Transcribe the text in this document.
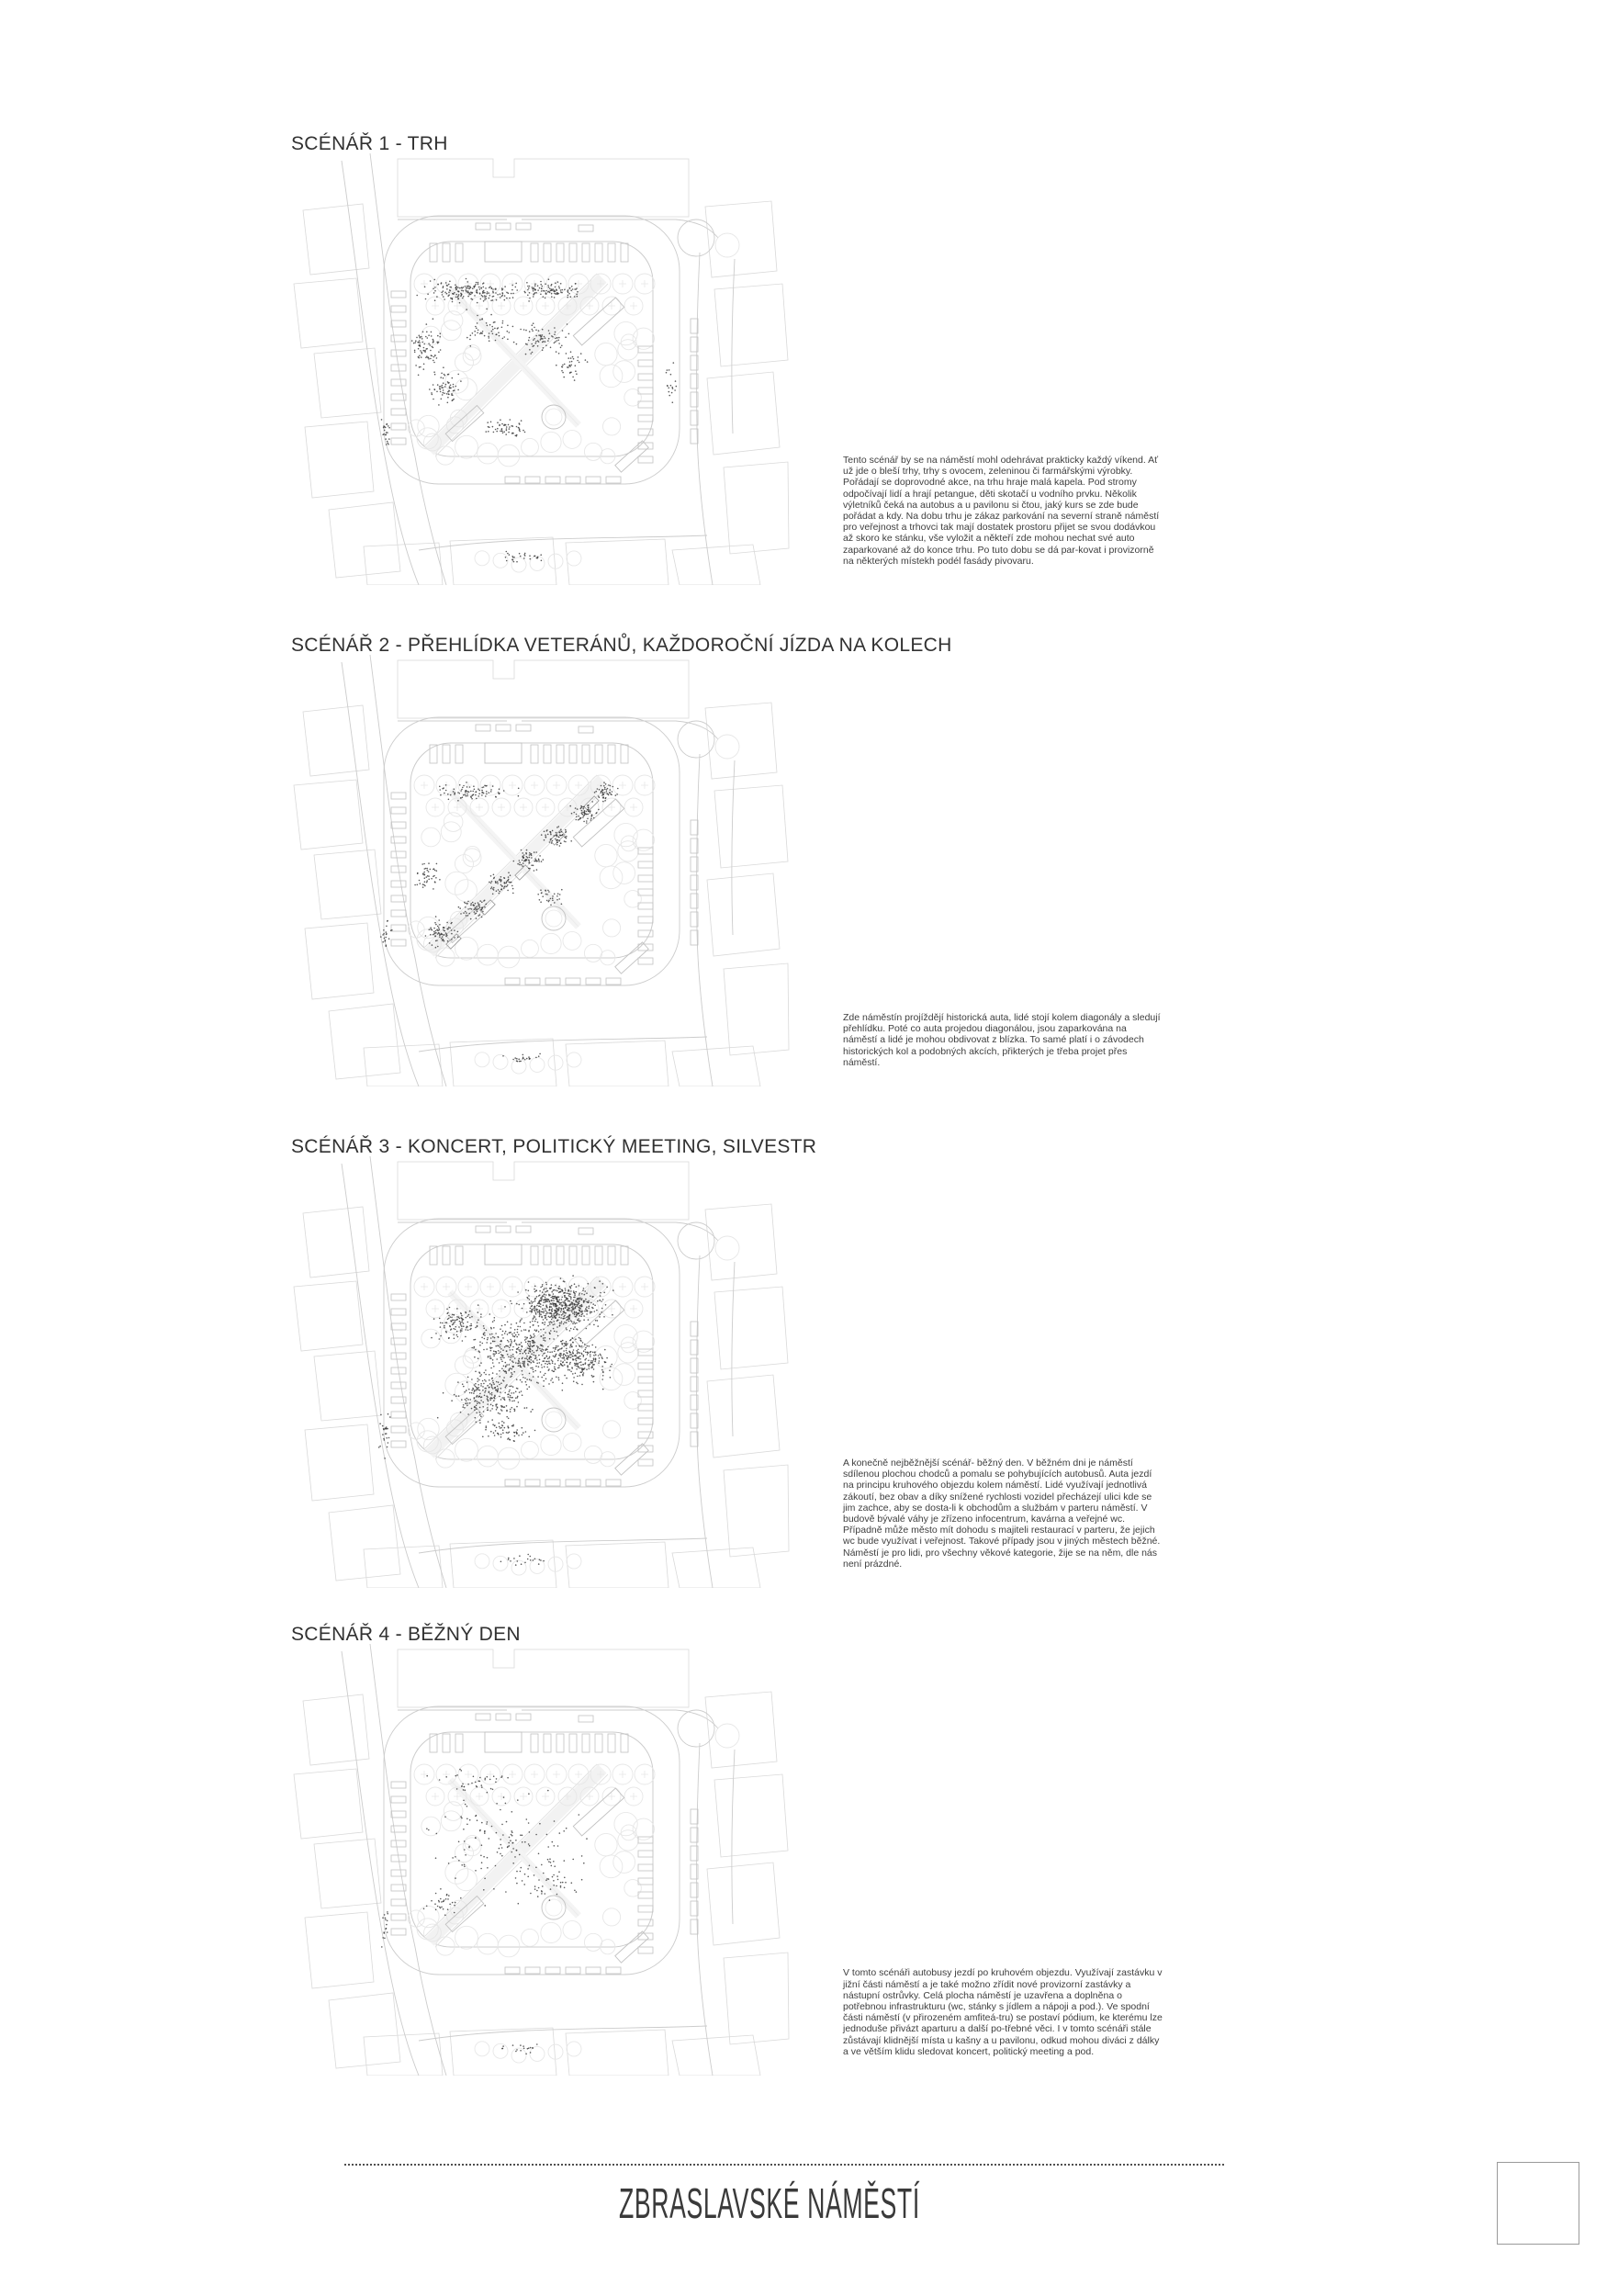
SCÉNÁŘ 1 - TRH

Tento scénář by se na náměstí mohl odehrávat prakticky každý víkend. Ať už jde o bleší trhy, trhy s ovocem, zeleninou či farmářskými výrobky. Pořádají se doprovodné akce, na trhu hraje malá kapela. Pod stromy odpočívají lidí a hrají petangue, děti skotačí u vodního prvku. Několik výletníků čeká na autobus a u pavilonu si čtou, jaký kurs se zde bude pořádat a kdy. Na dobu trhu je zákaz parkování na severní straně náměstí pro veřejnost a trhovci tak mají dostatek prostoru přijet se svou dodávkou až skoro ke stánku, vše vyložit a někteří zde mohou nechat své auto zaparkované až do konce trhu. Po tuto dobu se dá par-kovat i provizorně na některých místekh podél fasády pivovaru.

SCÉNÁŘ 2 - PŘEHLÍDKA VETERÁNŮ, KAŽDOROČNÍ JÍZDA NA KOLECH

Zde náměstín projíždějí historická auta, lidé stojí kolem diagonály a sledují přehlídku. Poté co auta projedou diagonálou, jsou zaparkována na náměstí a lidé je mohou obdivovat z blízka. To samé platí i o závodech historických kol a podobných akcích, přikterých je třeba projet přes náměstí.

SCÉNÁŘ 3 - KONCERT, POLITICKÝ MEETING, SILVESTR

A konečně nejběžnější scénář- běžný den. V běžném dni je náměstí sdílenou plochou chodců a pomalu se pohybujících autobusů. Auta jezdí na principu kruhového objezdu kolem náměstí. Lidé využívají jednotlivá zákoutí, bez obav a díky snížené rychlosti vozidel přecházejí ulici kde se jim zachce, aby se dosta-li k obchodům a službám v parteru náměstí. V budově bývalé váhy je zřízeno infocentrum, kavárna a veřejné wc. Případně může město mít dohodu s majiteli restaurací v parteru, že jejich wc bude využívat i veřejnost. Takové případy jsou v jiných městech běžné. Náměstí je pro lidi, pro všechny věkové kategorie, žije se na něm, dle nás není prázdné.

SCÉNÁŘ 4 - BĚŽNÝ DEN

V tomto scénáři autobusy jezdí po kruhovém objezdu. Využívají zastávku v jižní části náměstí a je také možno zřídit nové provizorní zastávky a nástupní ostrůvky. Celá plocha náměstí je uzavřena a doplněna o potřebnou infrastrukturu (wc, stánky s jídlem a nápoji a pod.). Ve spodní části náměstí (v přirozeném amfiteá-tru) se postaví pódium, ke kterému lze jednoduše přivázt aparturu a další po-třebné věci. I v tomto scénáři stále zůstávají klidnější místa u kašny a u pavilonu, odkud mohou diváci z dálky a ve větším klidu sledovat koncert, politický meeting a pod.

ZBRASLAVSKÉ NÁMĚSTÍ
